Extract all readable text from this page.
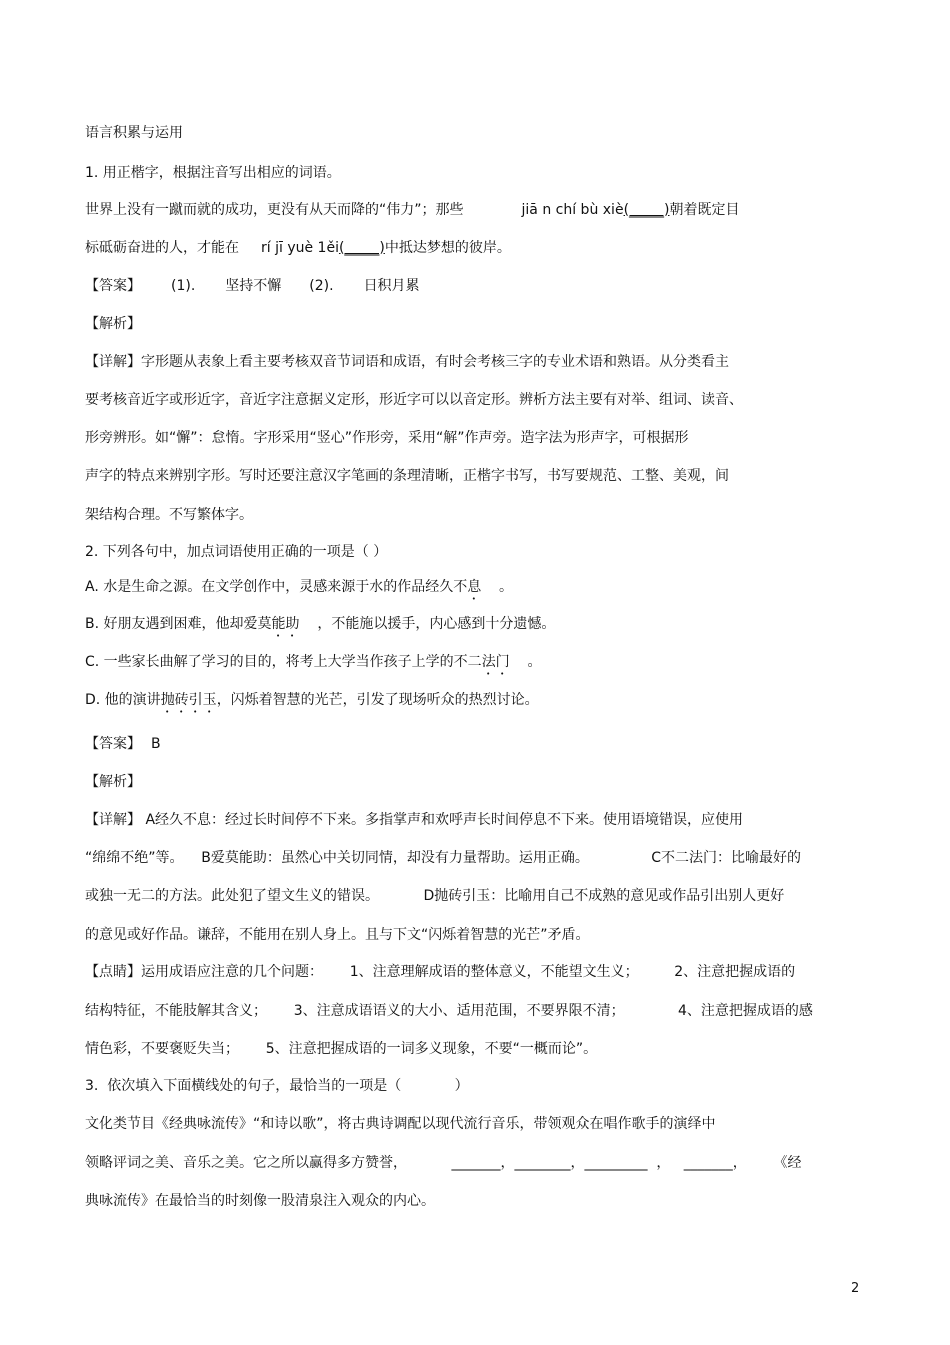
语言积累与运用
1. 用正楷字，根据注音写出相应的词语。
世界上没有一蹴而就的成功，更没有从天而降的“伟力”；那些	jiā n chí bù xiè(_____)朝着既定目
标砥砺奋进的人，才能在 rí jī yuè 1ěi(_____)中抵达梦想的彼岸。
【答案】 (1). 坚持不懈 (2). 日积月累
【解析】
【详解】字形题从表象上看主要考核双音节词语和成语，有时会考核三字的专业术语和熟语。从分类看主
要考核音近字或形近字，音近字注意据义定形，形近字可以以音定形。辨析方法主要有对举、组词、读音、
形旁辨形。如“懈”：怠惰。字形采用“竖心”作形旁，采用“解”作声旁。造字法为形声字，可根据形
声字的特点来辨别字形。写时还要注意汉字笔画的条理清晰，正楷字书写，书写要规范、工整、美观，间
架结构合理。不写繁体字。
2. 下列各句中，加点词语使用正确的一项是（ ）
A. 水是生命之源。在文学创作中，灵感来源于水的作品经久不息    。
B. 好朋友遇到困难，他却爱莫能助    ，不能施以援手，内心感到十分遗憾。
C. 一些家长曲解了学习的目的，将考上大学当作孩子上学的不二法门    。
D. 他的演讲抛砖引玉，闪烁着智慧的光芒，引发了现场听众的热烈讨论。
【答案】 B
【解析】
【详解】 A经久不息：经过长时间停不下来。多指掌声和欢呼声长时间停息不下来。使用语境错误，应使用
“绵绵不绝”等。    B爱莫能助：虽然心中关切同情，却没有力量帮助。运用正确。              C不二法门：比喻最好的
或独一无二的方法。此处犯了望文生义的错误。          D抛砖引玉：比喻用自己不成熟的意见或作品引出别人更好
的意见或好作品。谦辞，不能用在别人身上。且与下文“闪烁着智慧的光芒”矛盾。
【点睛】运用成语应注意的几个问题：      1、注意理解成语的整体意义，不能望文生义；        2、注意把握成语的
结构特征，不能肢解其含义；      3、注意成语语义的大小、适用范围，不要界限不清；            4、注意把握成语的感
情色彩，不要褒贬失当；      5、注意把握成语的一词多义现象，不要“一概而论”。
3.  依次填入下面横线处的句子，最恰当的一项是（            ）
文化类节目《经典咏流传》“和诗以歌”，将古典诗调配以现代流行音乐，带领观众在唱作歌手的演绎中
领略评词之美、音乐之美。它之所以赢得多方赞誉，          _______，________，_________  ，   _______，      《经
典咏流传》在最恰当的时刻像一股清泉注入观众的内心。
2
